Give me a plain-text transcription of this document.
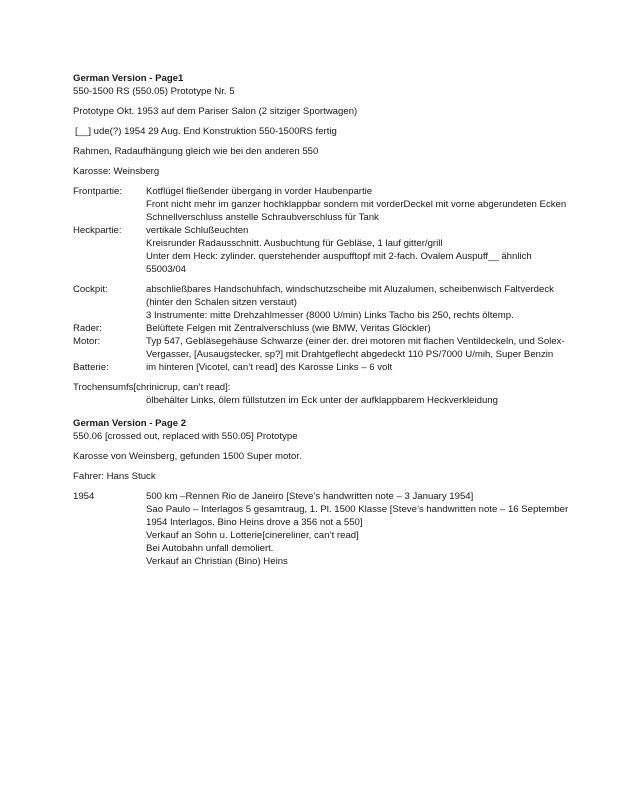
German Version - Page1

550-1500 RS (550.05) Prototype Nr. 5

Prototype Okt. 1953 auf dem Pariser Salon (2 sitziger Sportwagen)

[__] ude(?) 1954 29 Aug. End Konstruktion 550-1500RS fertig

Rahmen, Radaufhängung gleich wie bei den anderen 550

Karosse: Weinsberg

Frontpartie:	Kotflügel fließender übergang in vorder Haubenpartie

Front nicht mehr im ganzer hochklappbar sondern mit vorderDeckel mit vorne abgerundeten Ecken

Schnellverschluss anstelle Schraubverschluss für Tank

Heckpartie:	vertikale Schlußeuchten

Kreisrunder Radausschnitt. Ausbuchtung für Gebläse, 1 lauf gitter/grill

Unter dem Heck: zylinder. querstehender auspufftopf mit 2-fach. Ovalem Auspuff__ ähnlich 55003/04

Cockpit:	abschließbares Handschuhfach, windschutzscheibe mit Aluzalumen, scheibenwisch Faltverdeck (hinter den Schalen sitzen verstaut)

3 Instrumente: mitte Drehzahlmesser (8000 U/min) Links Tacho bis 250, rechts öltemp.

Rader:	Belüftete Felgen mit Zentralverschluss (wie BMW, Veritas Glöckler)
Motor:	Typ 547, Gebläsegehäuse Schwarze (einer der. drei motoren mit flachen Ventildeckeln, und Solex-Vergasser, [Ausaugstecker, sp?] mit Drahtgeflecht abgedeckt 110 PS/7000 U/mih, Super Benzin
Batterie:	im hinteren [Vicotel, can’t read] des Karosse Links – 6 volt

Trochensumfs[chrinicrup, can’t read]:

ölbehälter Links, ölern füllstutzen im Eck unter der aufklappbarem Heckverkleidung

German Version - Page 2

550.06 [crossed out, replaced with 550.05] Prototype

Karosse von Weinsberg, gefunden 1500 Super motor.

Fahrer: Hans Stuck

1954	500 km –Rennen Rio de Janeiro [Steve’s handwritten note – 3 January 1954]

Sao Paulo – Interlagos 5 gesamtraug, 1. Pl. 1500 Klasse [Steve’s handwritten note – 16 September 1954 Interlagos. Bino Heins drove a 356 not a 550]

Verkauf an Sohn u. Lotterie[cinereliner, can’t read]

Bei Autobahn unfall demoliert.

Verkauf an Christian (Bino) Heins
